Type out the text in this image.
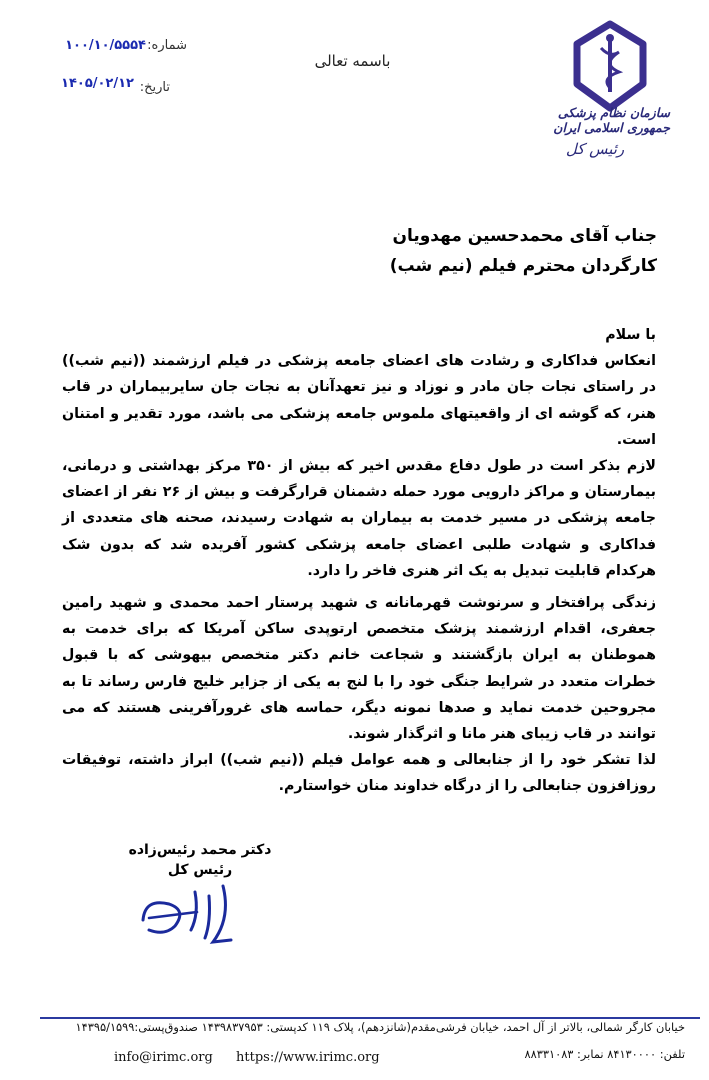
شماره:
۱۰۰/۱۰/۵۵۵۴
تاریخ:
۱۴۰۵/۰۲/۱۲
باسمه تعالی
سازمان نظام پزشکی جمهوری اسلامی ایران
رئیس کل
جناب آقای محمدحسین مهدویان
کارگردان محترم فیلم (نیم شب)

با سلام

انعکاس فداکاری و رشادت های اعضای جامعه پزشکی در فیلم ارزشمند ((نیم شب)) در راستای نجات جان مادر و نوزاد و نیز تعهدآنان به نجات جان سایربیماران در قاب هنر، که گوشه ای از واقعیتهای ملموس جامعه پزشکی می باشد، مورد تقدیر و امتنان است.

لازم بذکر است در طول دفاع مقدس اخیر که بیش از ۳۵۰ مرکز بهداشتی و درمانی، بیمارستان و مراکز دارویی مورد حمله دشمنان قرارگرفت و بیش از ۲۶ نفر از اعضای جامعه پزشکی در مسیر خدمت به بیماران به شهادت رسیدند، صحنه های متعددی از فداکاری و شهادت طلبی اعضای جامعه پزشکی کشور آفریده شد که بدون شک هرکدام قابلیت تبدیل به یک اثر هنری فاخر را دارد.

زندگی پرافتخار و سرنوشت قهرمانانه ی شهید پرستار احمد محمدی و شهید رامین جعفری، اقدام ارزشمند پزشک متخصص ارتوپدی ساکن آمریکا که برای خدمت به هموطنان به ایران بازگشتند و شجاعت خانم دکتر متخصص بیهوشی که با قبول خطرات متعدد در شرایط جنگی خود را با لنج به یکی از جزایر خلیج فارس رساند تا به مجروحین خدمت نماید و صدها نمونه دیگر، حماسه های غرورآفرینی هستند که می توانند در قاب زیبای هنر مانا و اثرگذار شوند.

لذا تشکر خود را از جنابعالی و همه عوامل فیلم ((نیم شب)) ابراز داشته، توفیقات روزافزون جنابعالی را از درگاه خداوند منان خواستارم.

دکتر محمد رئیس‌زاده
رئیس کل
خیابان کارگر شمالی، بالاتر از آل احمد، خیابان فرشی‌مقدم(شانزدهم)، پلاک ۱۱۹ کدپستی: ۱۴۳۹۸۳۷۹۵۳ صندوق‌پستی:۱۴۳۹۵/۱۵۹۹
تلفن: ۸۴۱۳۰۰۰۰ نمابر: ۸۸۳۳۱۰۸۳
https://www.irimc.org
info@irimc.org
